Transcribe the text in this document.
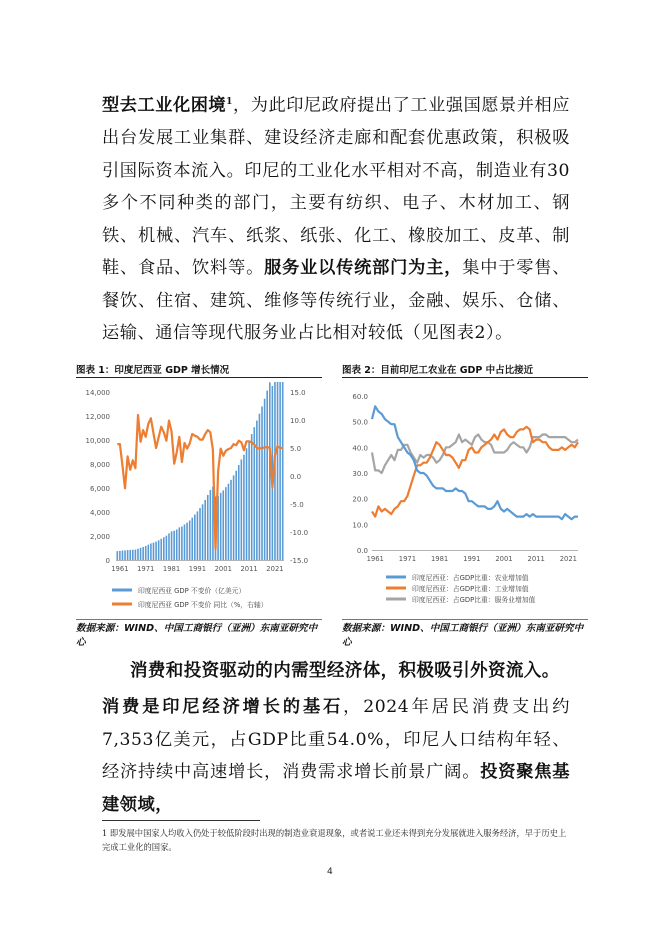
型去工业化困境$^1$，为此印尼政府提出了工业强国愿景并相应出台发展工业集群、建设经济走廊和配套优惠政策，积极吸引国际资本流入。印尼的工业化水平相对不高，制造业有30多个不同种类的部门，主要有纺织、电子、木材加工、钢铁、机械、汽车、纸浆、纸张、化工、橡胶加工、皮革、制鞋、食品、饮料等。服务业以传统部门为主，集中于零售、餐饮、住宿、建筑、维修等传统行业，金融、娱乐、仓储、运输、通信等现代服务业占比相对较低（见图表2）。
图表 1：印度尼西亚 GDP 增长情况
0
2,000
4,000
6,000
8,000
10,000
12,000
14,000	15.0
10.0
5.0
0.0
-5.0
-10.0
-15.0
1961 1971 1981 1991 2001 2011 2021
印度尼西亚 GDP 不变价（亿美元）
印度尼西亚 GDP 不变价 同比（%，右轴）
数据来源：WIND、中国工商银行（亚洲）东南亚研究中心
图表 2：目前印尼工农业在 GDP 中占比接近
0.0
10.0
20.0
30.0
40.0
50.0
60.0
1961 1971 1981 1991 2001 2011 2021
印度尼西亚：占GDP比重：农业增加值
印度尼西亚：占GDP比重：工业增加值
印度尼西亚：占GDP比重：服务业增加值
数据来源：WIND、中国工商银行（亚洲）东南亚研究中心
消费和投资驱动的内需型经济体，积极吸引外资流入。
消费是印尼经济增长的基石，2024年居民消费支出约7,353亿美元，占GDP比重54.0%，印尼人口结构年轻、经济持续中高速增长，消费需求增长前景广阔。投资聚焦基建领域，
1 即发展中国家人均收入仍处于较低阶段时出现的制造业衰退现象，或者说工业还未得到充分发展就进入服务经济，早于历史上完成工业化的国家。
4
